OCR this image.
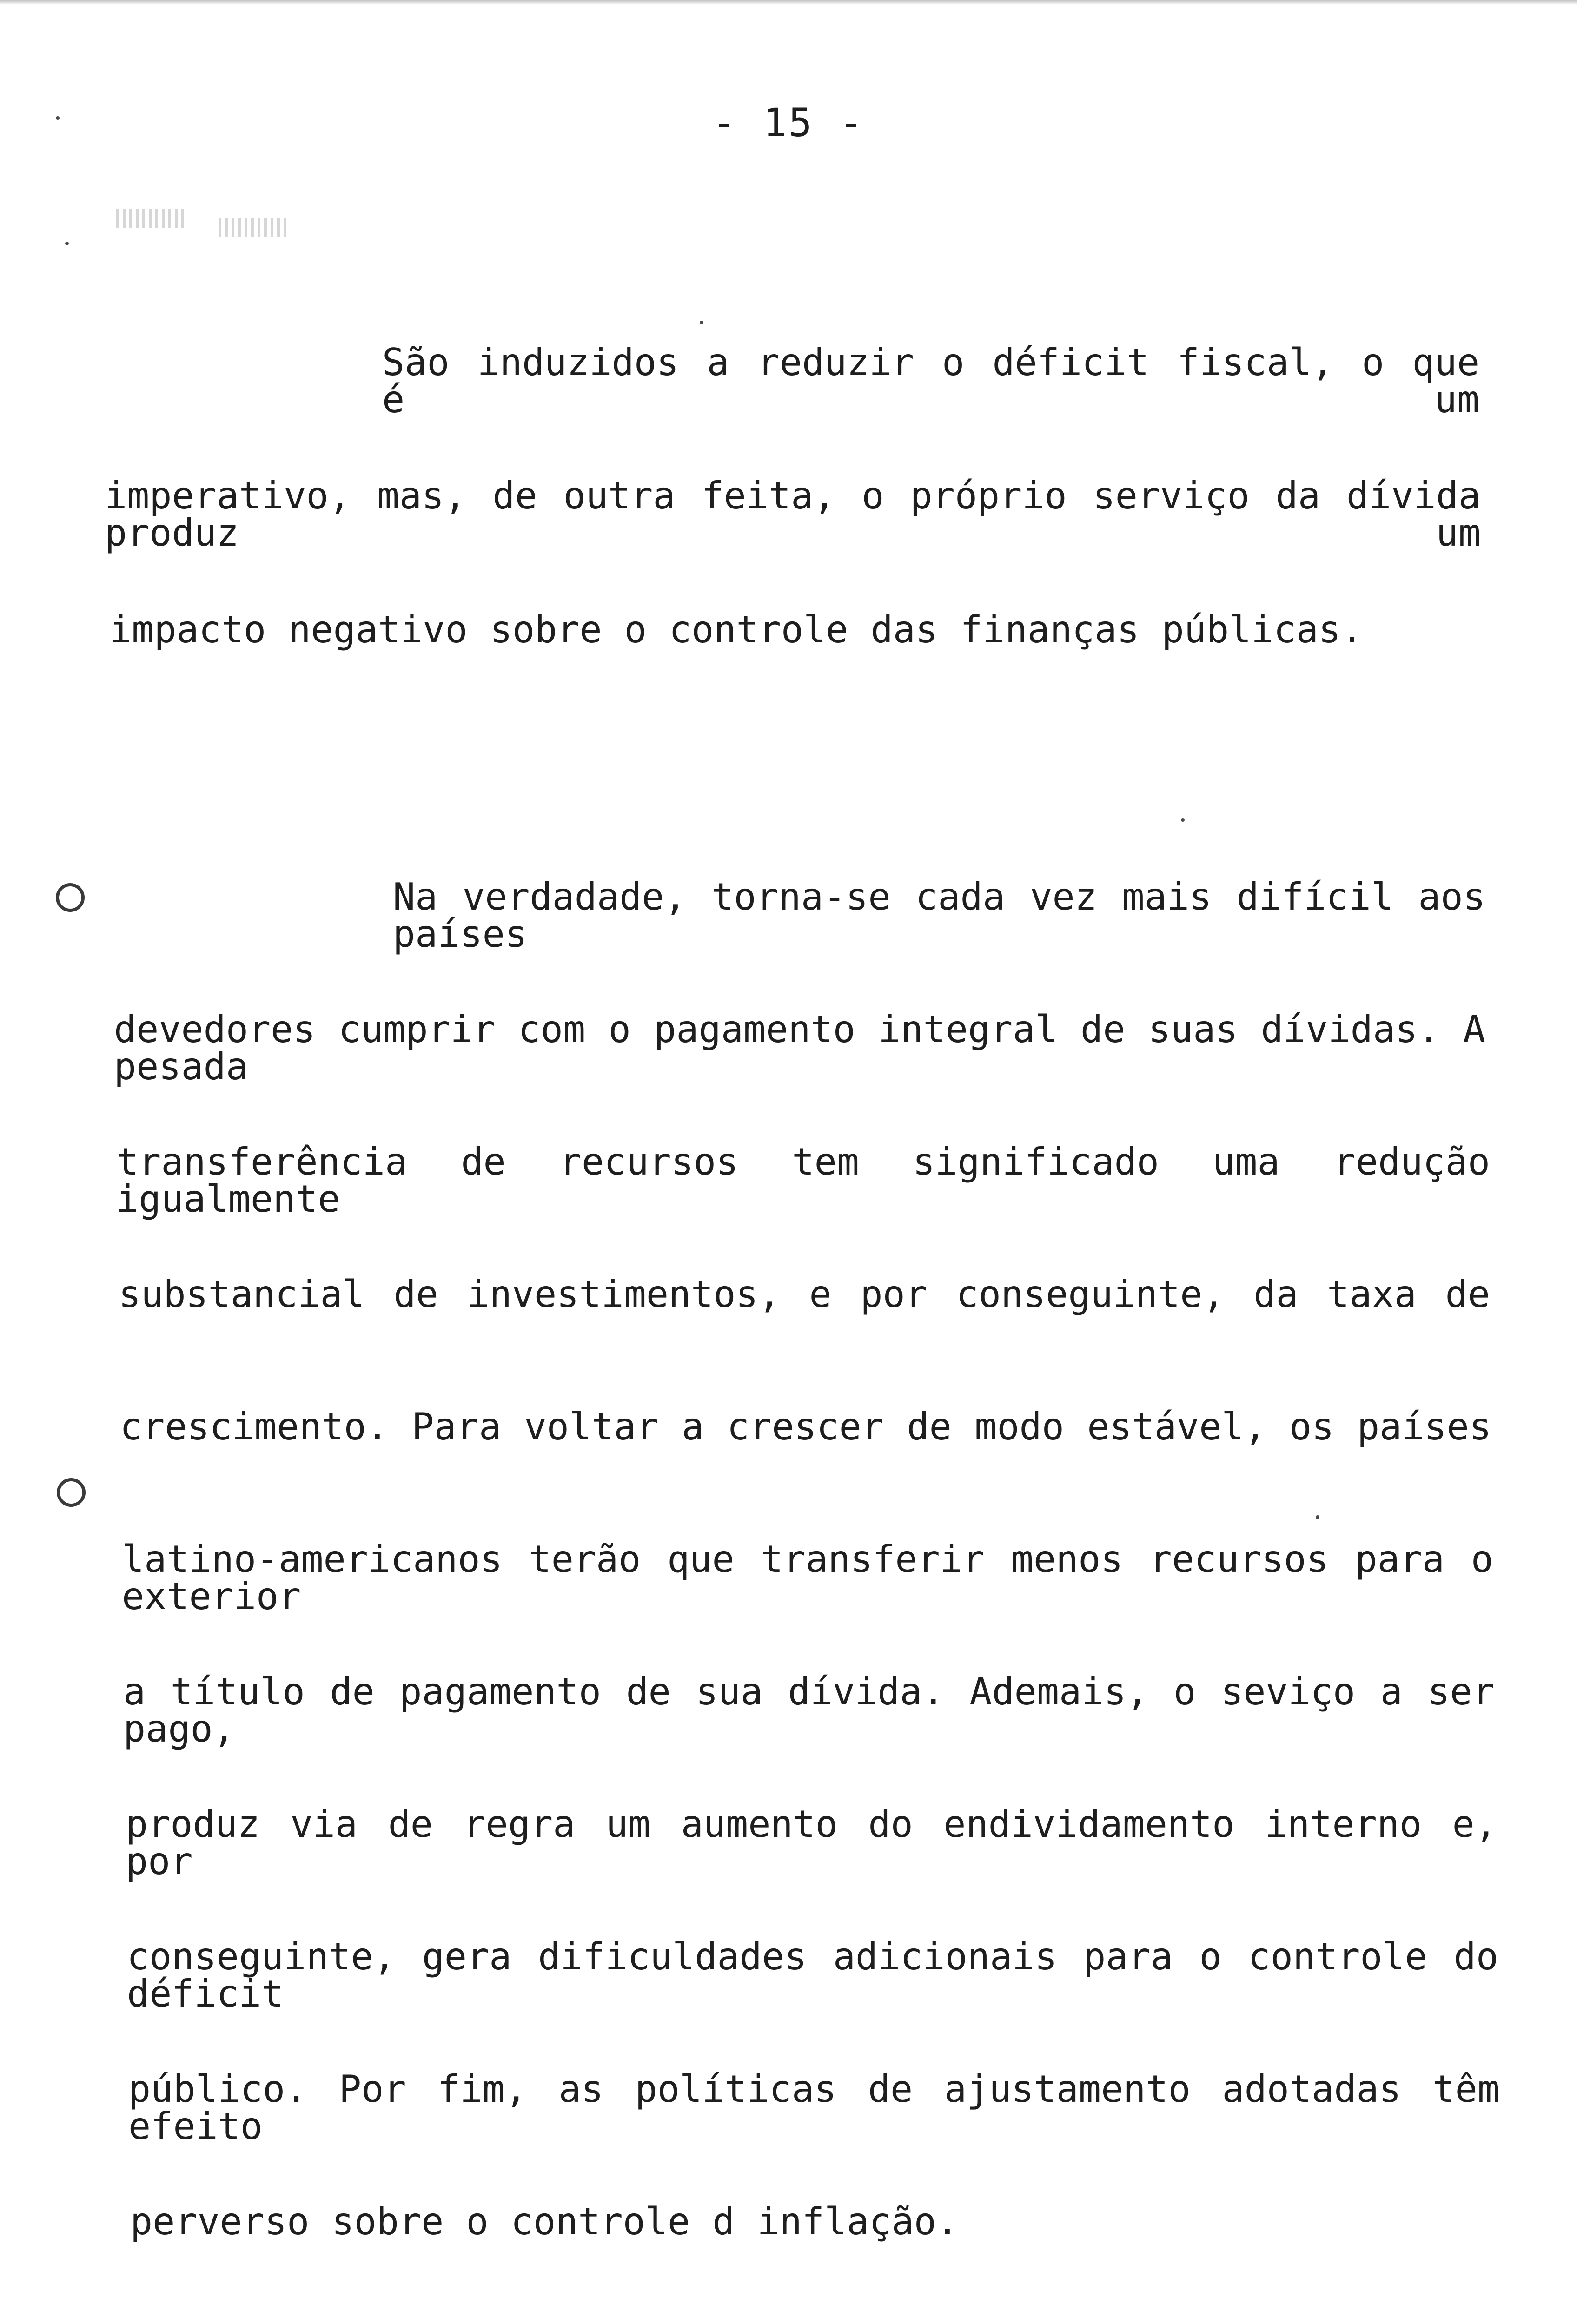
- 15 -
São induzidos a reduzir o déficit fiscal, o que é um
imperativo, mas, de outra feita, o próprio serviço da dívida produz um
impacto negativo sobre o controle das finanças públicas.
Na verdadade, torna-se cada vez mais difícil aos países
devedores cumprir com o pagamento integral de suas dívidas. A pesada
transferência de recursos tem significado uma redução igualmente
substancial de investimentos, e por conseguinte, da taxa de
crescimento. Para voltar a crescer de modo estável, os países
latino-americanos terão que transferir menos recursos para o exterior
a título de pagamento de sua dívida. Ademais, o seviço a ser pago,
produz via de regra um aumento do endividamento interno e, por
conseguinte, gera dificuldades adicionais para o controle do déficit
público. Por fim, as políticas de ajustamento adotadas têm efeito
perverso sobre o controle d inflação.
